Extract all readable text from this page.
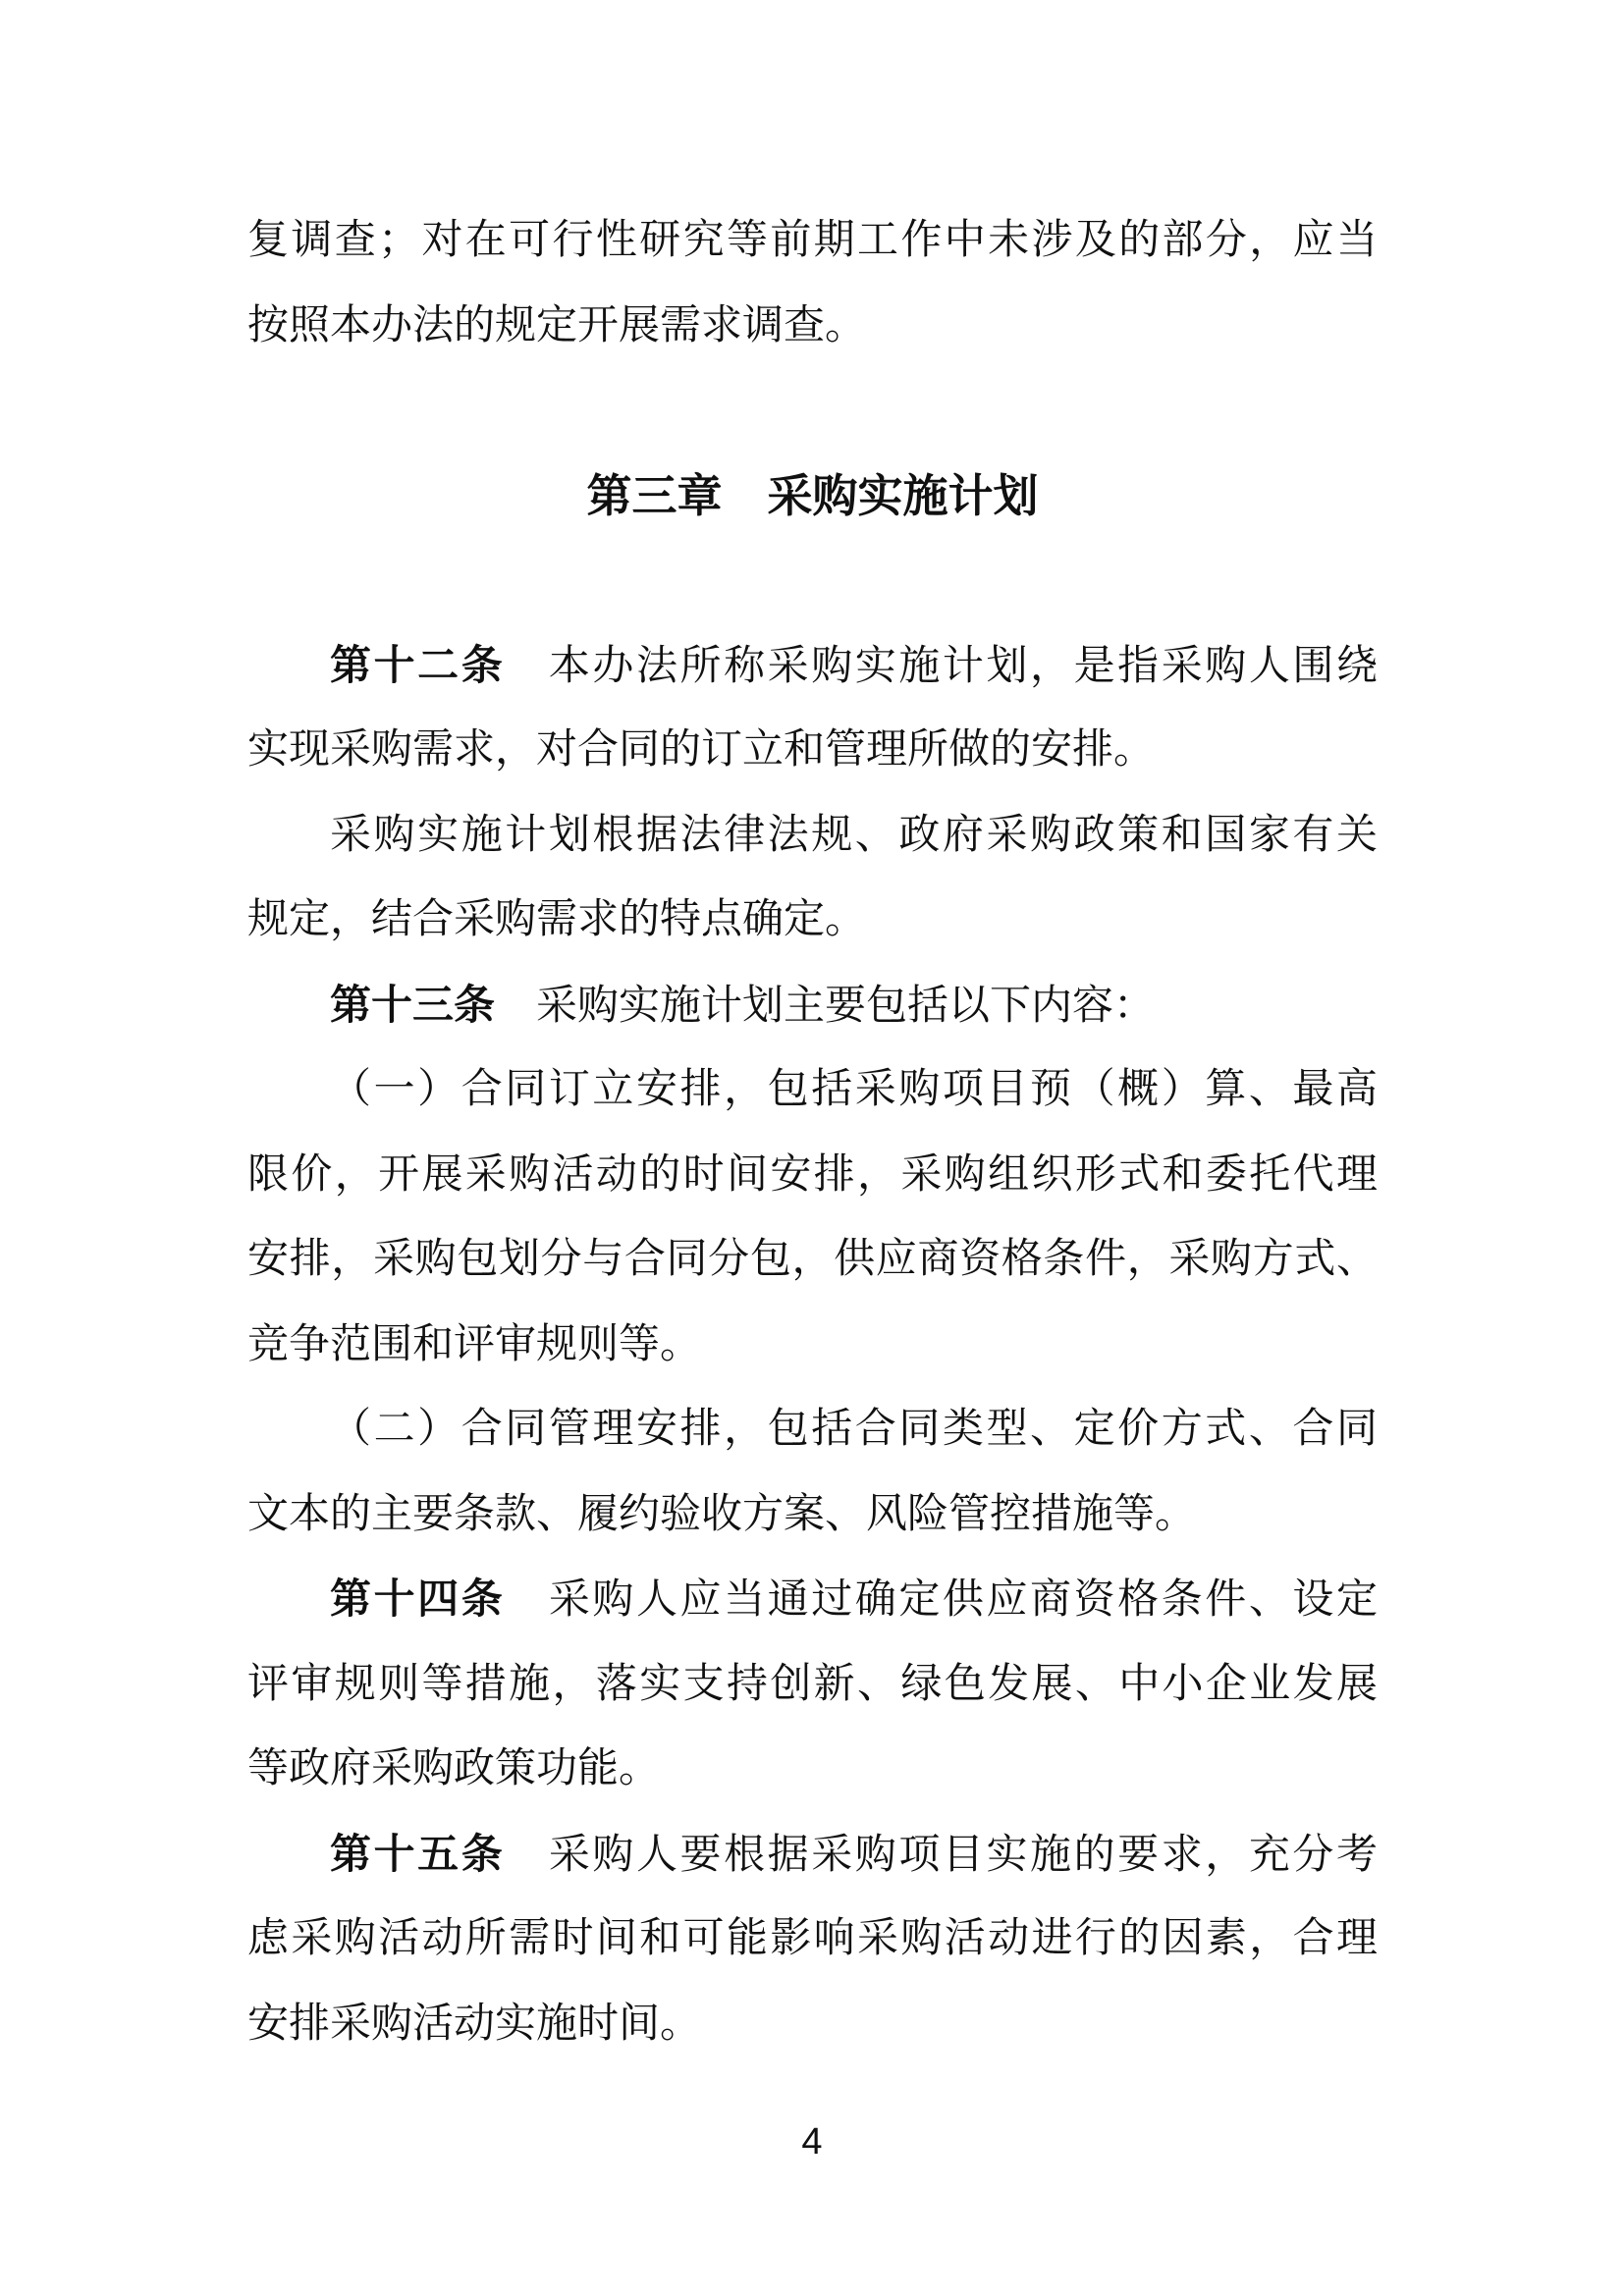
复调查；对在可行性研究等前期工作中未涉及的部分，应当
按照本办法的规定开展需求调查。
第三章　采购实施计划
第十二条　本办法所称采购实施计划，是指采购人围绕
实现采购需求，对合同的订立和管理所做的安排。
采购实施计划根据法律法规、政府采购政策和国家有关
规定，结合采购需求的特点确定。
第十三条　采购实施计划主要包括以下内容：
（一）合同订立安排，包括采购项目预（概）算、最高
限价，开展采购活动的时间安排，采购组织形式和委托代理
安排，采购包划分与合同分包，供应商资格条件，采购方式、
竞争范围和评审规则等。
（二）合同管理安排，包括合同类型、定价方式、合同
文本的主要条款、履约验收方案、风险管控措施等。
第十四条　采购人应当通过确定供应商资格条件、设定
评审规则等措施，落实支持创新、绿色发展、中小企业发展
等政府采购政策功能。
第十五条　采购人要根据采购项目实施的要求，充分考
虑采购活动所需时间和可能影响采购活动进行的因素，合理
安排采购活动实施时间。
4
